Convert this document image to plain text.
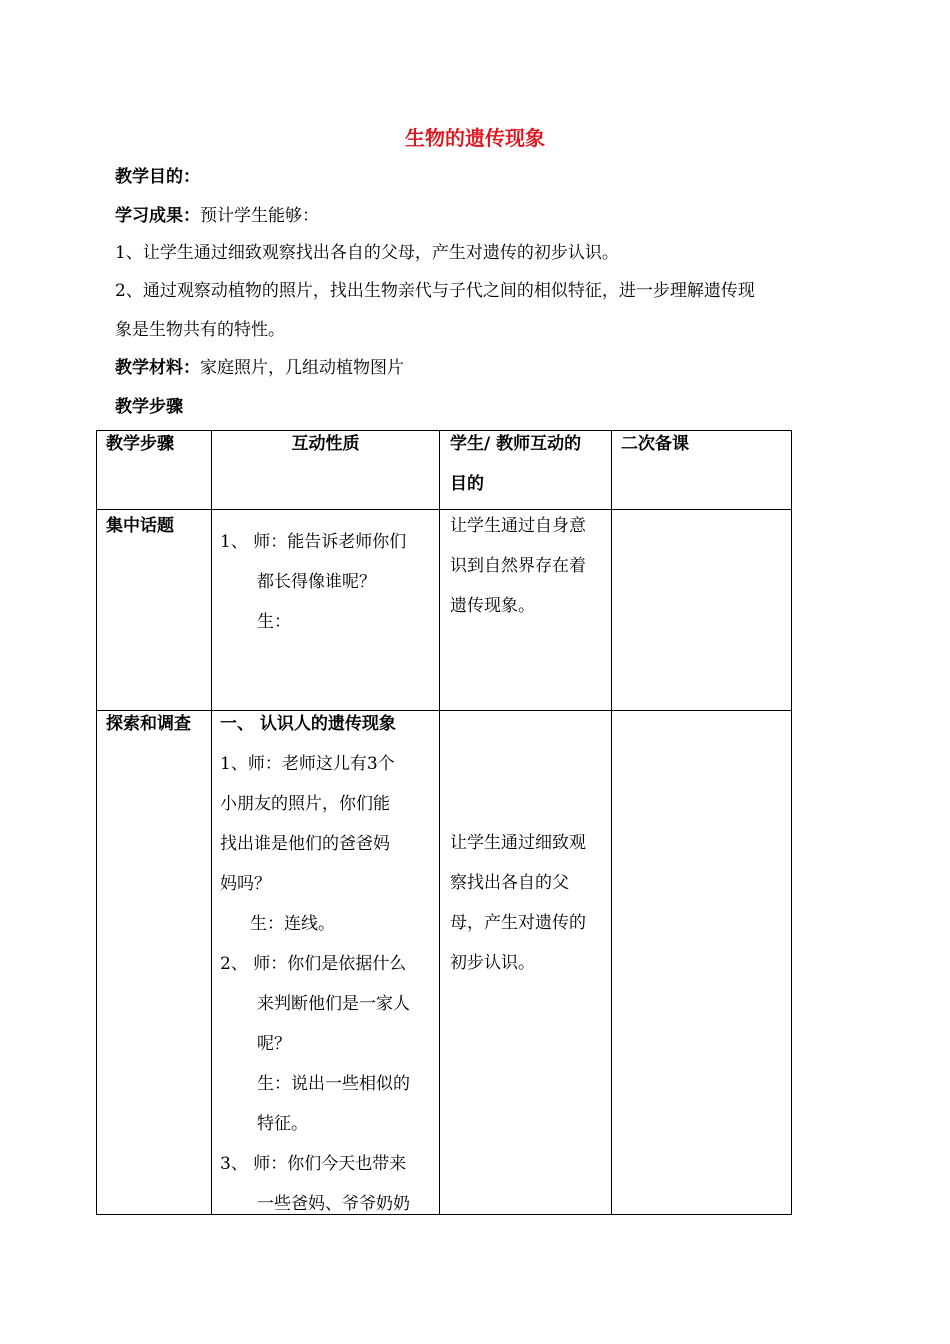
生物的遗传现象
教学目的：
学习成果：预计学生能够：
1、让学生通过细致观察找出各自的父母，产生对遗传的初步认识。
2、通过观察动植物的照片，找出生物亲代与子代之间的相似特征，进一步理解遗传现
象是生物共有的特性。
教学材料：家庭照片，几组动植物图片
教学步骤
教学步骤	互动性质	学生/ 教师互动的
目的
二次备课
集中话题
1、 师：能告诉老师你们
都长得像谁呢？
生：
让学生通过自身意
识到自然界存在着
遗传现象。
探索和调查 一、 认识人的遗传现象
1、师：老师这儿有3个
小朋友的照片，你们能
找出谁是他们的爸爸妈
妈吗？
生：连线。
2、 师：你们是依据什么
来判断他们是一家人
呢？
生：说出一些相似的
特征。
3、 师：你们今天也带来
一些爸妈、爷爷奶奶
让学生通过细致观
察找出各自的父
母，产生对遗传的
初步认识。
